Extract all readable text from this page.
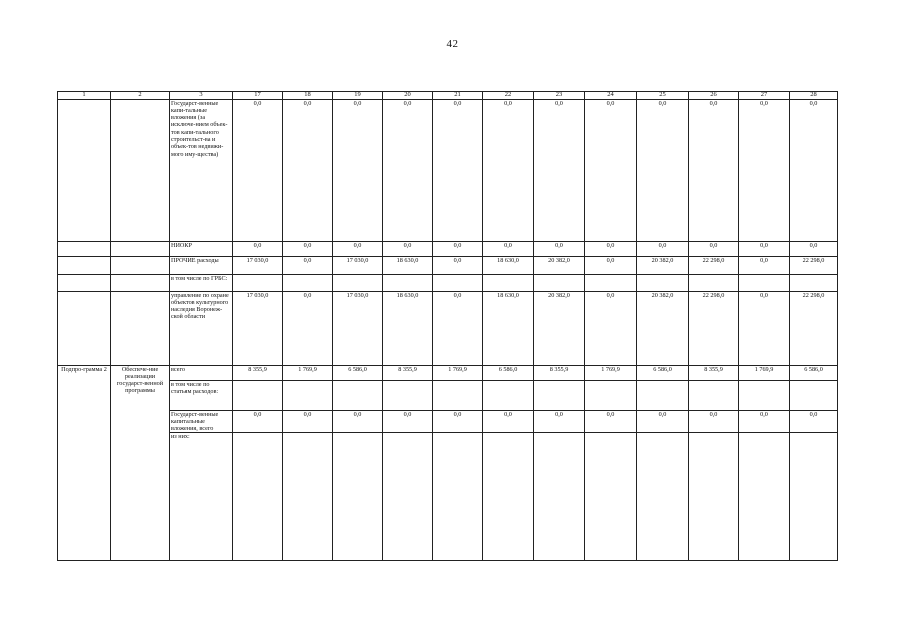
42
1	2	3	17	18	19	20	21	22	23	24	25	26	27	28
		Государст-венные капи-тальные вложения (за исключе-нием объек-тов капи-тального строительст-ва и объек-тов недвижи-мого иму-щества)	0,0	0,0	0,0	0,0	0,0	0,0	0,0	0,0	0,0	0,0	0,0	0,0
		НИОКР	0,0	0,0	0,0	0,0	0,0	0,0	0,0	0,0	0,0	0,0	0,0	0,0
		ПРОЧИЕ расходы	17 030,0	0,0	17 030,0	18 630,0	0,0	18 630,0	20 382,0	0,0	20 382,0	22 298,0	0,0	22 298,0
		в том числе по ГРБС:												
		управление по охране объектов культурного наследия Воронеж-ской области	17 030,0	0,0	17 030,0	18 630,0	0,0	18 630,0	20 382,0	0,0	20 382,0	22 298,0	0,0	22 298,0
Подпро-грамма 2	Обеспече-ние реализации государст-венной программы	всего	8 355,9	1 769,9	6 586,0	8 355,9	1 769,9	6 586,0	8 355,9	1 769,9	6 586,0	8 355,9	1 769,9	6 586,0
		в том числе по статьям расходов:												
		Государст-венные капитальные вложения, всего	0,0	0,0	0,0	0,0	0,0	0,0	0,0	0,0	0,0	0,0	0,0	0,0
		из них:												
